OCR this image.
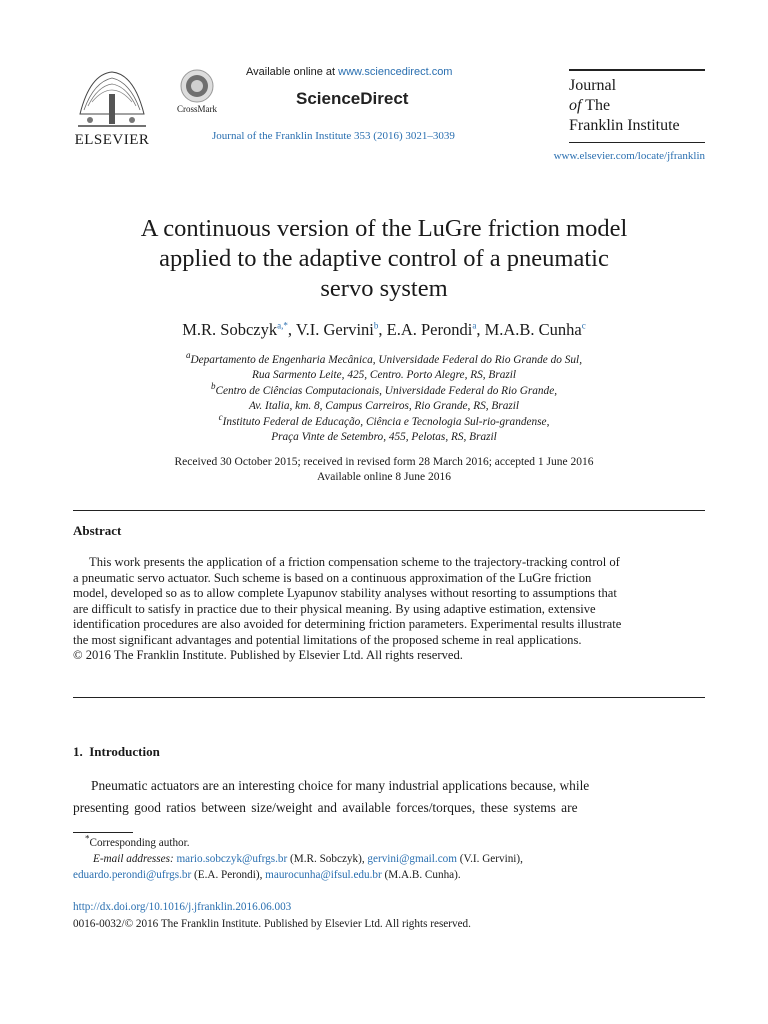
ELSEVIER
CrossMark
Available online at www.sciencedirect.com
ScienceDirect
Journal of the Franklin Institute 353 (2016) 3021–3039
Journal
of The
Franklin Institute
www.elsevier.com/locate/jfranklin
A continuous version of the LuGre friction model
applied to the adaptive control of a pneumatic
servo system
M.R. Sobczyk$^{a,*}$, V.I. Gervini$^b$, E.A. Perondi$^a$, M.A.B. Cunha$^c$
$^a$Departamento de Engenharia Mecânica, Universidade Federal do Rio Grande do Sul,
Rua Sarmento Leite, 425, Centro. Porto Alegre, RS, Brazil
$^b$Centro de Ciências Computacionais, Universidade Federal do Rio Grande,
Av. Italia, km. 8, Campus Carreiros, Rio Grande, RS, Brazil
$^c$Instituto Federal de Educação, Ciência e Tecnologia Sul-rio-grandense,
Praça Vinte de Setembro, 455, Pelotas, RS, Brazil
Received 30 October 2015; received in revised form 28 March 2016; accepted 1 June 2016
Available online 8 June 2016
Abstract
This work presents the application of a friction compensation scheme to the trajectory-tracking control of
a pneumatic servo actuator. Such scheme is based on a continuous approximation of the LuGre friction
model, developed so as to allow complete Lyapunov stability analyses without resorting to assumptions that
are difficult to satisfy in practice due to their physical meaning. By using adaptive estimation, extensive
identification procedures are also avoided for determining friction parameters. Experimental results illustrate
the most significant advantages and potential limitations of the proposed scheme in real applications.
© 2016 The Franklin Institute. Published by Elsevier Ltd. All rights reserved.
1.  Introduction
Pneumatic actuators are an interesting choice for many industrial applications because, while
presenting good ratios between size/weight and available forces/torques, these systems are
*Corresponding author.
E-mail addresses: mario.sobczyk@ufrgs.br (M.R. Sobczyk), gervini@gmail.com (V.I. Gervini),
eduardo.perondi@ufrgs.br (E.A. Perondi), maurocunha@ifsul.edu.br (M.A.B. Cunha).
http://dx.doi.org/10.1016/j.jfranklin.2016.06.003
0016-0032/© 2016 The Franklin Institute. Published by Elsevier Ltd. All rights reserved.
